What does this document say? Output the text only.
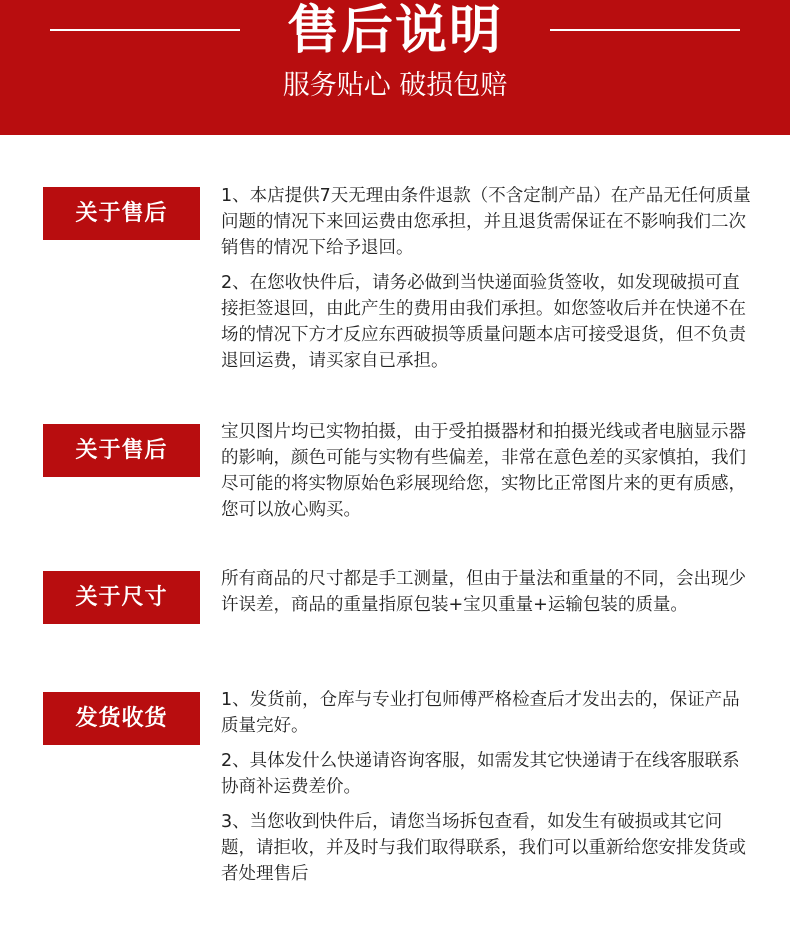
售后说明
服务贴心 破损包赔
关于售后

1、本店提供7天无理由条件退款（不含定制产品）在产品无任何质量问题的情况下来回运费由您承担，并且退货需保证在不影响我们二次销售的情况下给予退回。

2、在您收快件后，请务必做到当快递面验货签收，如发现破损可直接拒签退回，由此产生的费用由我们承担。如您签收后并在快递不在场的情况下方才反应东西破损等质量问题本店可接受退货，但不负责退回运费，请买家自已承担。

关于售后

宝贝图片均已实物拍摄，由于受拍摄器材和拍摄光线或者电脑显示器的影响，颜色可能与实物有些偏差，非常在意色差的买家慎拍，我们尽可能的将实物原始色彩展现给您，实物比正常图片来的更有质感，您可以放心购买。

关于尺寸

所有商品的尺寸都是手工测量，但由于量法和重量的不同，会出现少许误差，商品的重量指原包装+宝贝重量+运输包装的质量。

发货收货

1、发货前，仓库与专业打包师傅严格检查后才发出去的，保证产品质量完好。

2、具体发什么快递请咨询客服，如需发其它快递请于在线客服联系协商补运费差价。

3、当您收到快件后，请您当场拆包查看，如发生有破损或其它问题，请拒收，并及时与我们取得联系，我们可以重新给您安排发货或者处理售后
